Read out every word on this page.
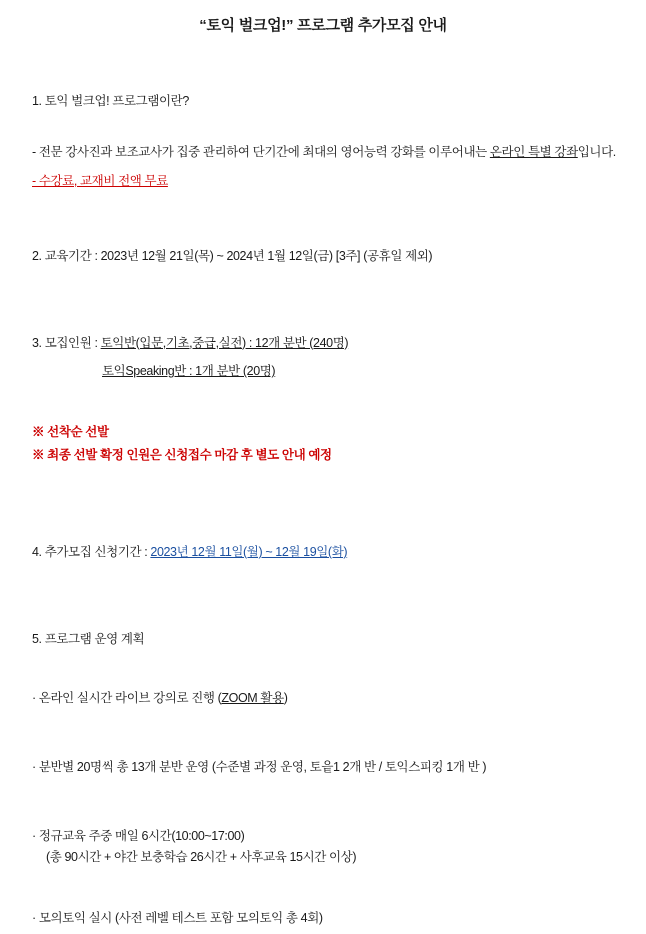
“토익 벌크업!” 프로그램 추가모집 안내
1. 토익 벌크업! 프로그램이란?
- 전문 강사진과 보조교사가 집중 관리하여 단기간에 최대의 영어능력 강화를 이루어내는 온라인 특별 강좌입니다.
- 수강료, 교재비 전액 무료
2. 교육기간 : 2023년 12월 21일(목) ~ 2024년 1월 12일(금) [3주] (공휴일 제외)
3. 모집인원 : 토익반(입문,기초,중급,실전) : 12개 분반 (240명)
토익Speaking반 : 1개 분반 (20명)
※ 선착순 선발
※ 최종 선발 확정 인원은 신청접수 마감 후 별도 안내 예정
4. 추가모집 신청기간 : 2023년 12월 11일(월) ~ 12월 19일(화)
5. 프로그램 운영 계획
· 온라인 실시간 라이브 강의로 진행 (ZOOM 활용)
· 분반별 20명씩 총 13개 분반 운영 (수준별 과정 운영, 토읕1 2개 반 / 토익스피킹 1개 반 )
· 정규교육 주중 매일 6시간(10:00~17:00)
(총 90시간 + 야간 보충학습 26시간 + 사후교육 15시간 이상)
· 모의토익 실시 (사전 레벨 테스트 포함 모의토익 총 4회)
